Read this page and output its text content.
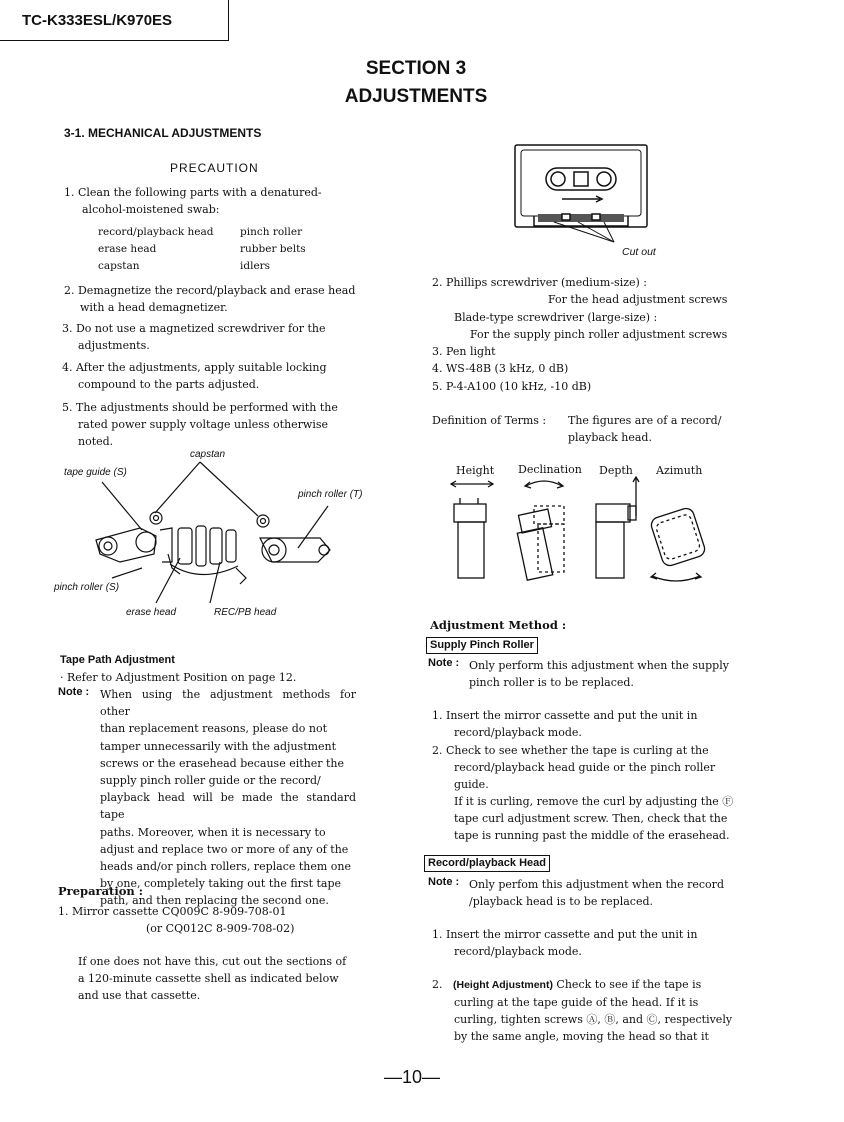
TC-K333ESL/K970ES
SECTION 3
ADJUSTMENTS
3-1. MECHANICAL ADJUSTMENTS
PRECAUTION
1. Clean the following parts with a denatured-
alcohol-moistened swab:
record/playback head
erase head
capstan
pinch roller
rubber belts
idlers
2. Demagnetize the record/playback and erase head
with a head demagnetizer.
3. Do not use a magnetized screwdriver for the
adjustments.
4. After the adjustments, apply suitable locking
compound to the parts adjusted.
5. The adjustments should be performed with the
rated power supply voltage unless otherwise
noted.
capstan
tape guide (S)
pinch roller (T)
pinch roller (S)
erase head	REC/PB head
Tape Path Adjustment
· Refer to Adjustment Position on page 12.
Note : When using the adjustment methods for other
than replacement reasons, please do not
tamper unnecessarily with the adjustment
screws or the erasehead because either the
supply pinch roller guide or the record/
playback head will be made the standard tape
paths. Moreover, when it is necessary to
adjust and replace two or more of any of the
heads and/or pinch rollers, replace them one
by one, completely taking out the first tape
path, and then replacing the second one.
Preparation :
1. Mirror cassette CQ009C 8-909-708-01
(or CQ012C 8-909-708-02)
If one does not have this, cut out the sections of
a 120-minute cassette shell as indicated below
and use that cassette.
Cut out
2. Phillips screwdriver (medium-size) :
For the head adjustment screws
Blade-type screwdriver (large-size) :
For the supply pinch roller adjustment screws
3. Pen light
4. WS-48B (3 kHz, 0 dB)
5. P-4-A100 (10 kHz, -10 dB)
Definition of Terms : The figures are of a record/
playback head.
Height Declination Depth Azimuth
Adjustment Method :
Supply Pinch Roller
Note : Only perform this adjustment when the supply
pinch roller is to be replaced.
1. Insert the mirror cassette and put the unit in
record/playback mode.
2. Check to see whether the tape is curling at the
record/playback head guide or the pinch roller
guide.
If it is curling, remove the curl by adjusting the Ⓕ
tape curl adjustment screw. Then, check that the
tape is running past the middle of the erasehead.
Record/playback Head
Note : Only perfom this adjustment when the record
/playback head is to be replaced.
1. Insert the mirror cassette and put the unit in
record/playback mode.
2.   (Height Adjustment) Check to see if the tape is
curling at the tape guide of the head. If it is
curling, tighten screws Ⓐ, Ⓑ, and Ⓒ, respectively
by the same angle, moving the head so that it
—10—
